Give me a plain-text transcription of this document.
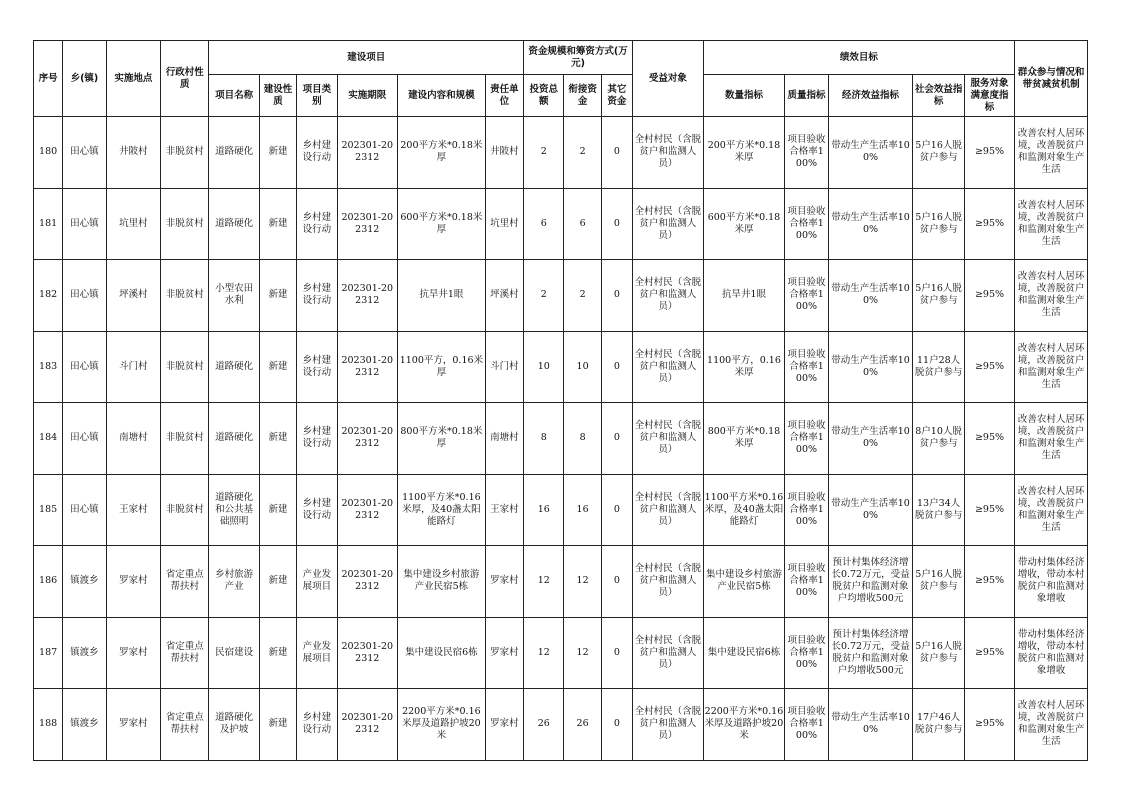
序号	乡(镇)	实施地点	行政村性质	建设项目						资金规模和筹资方式(万元)			受益对象	绩效目标					群众参与情况和带贫减贫机制
				项目名称	建设性质	项目类别	实施期限	建设内容和规模	责任单位	投资总额	衔接资金	其它资金		数量指标	质量指标	经济效益指标	社会效益指标	服务对象满意度指标	
180	田心镇	井陂村	非脱贫村	道路硬化	新建	乡村建设行动	202301-202312	200平方米*0.18米厚	井陂村	2	2	0	全村村民（含脱贫户和监测人员）	200平方米*0.18米厚	项目验收合格率100%	带动生产生活率100%	5户16人脱贫户参与	≥95%	改善农村人居环境，改善脱贫户和监测对象生产生活
181	田心镇	坑里村	非脱贫村	道路硬化	新建	乡村建设行动	202301-202312	600平方米*0.18米厚	坑里村	6	6	0	全村村民（含脱贫户和监测人员）	600平方米*0.18米厚	项目验收合格率100%	带动生产生活率100%	5户16人脱贫户参与	≥95%	改善农村人居环境，改善脱贫户和监测对象生产生活
182	田心镇	坪溪村	非脱贫村	小型农田水利	新建	乡村建设行动	202301-202312	抗旱井1眼	坪溪村	2	2	0	全村村民（含脱贫户和监测人员）	抗旱井1眼	项目验收合格率100%	带动生产生活率100%	5户16人脱贫户参与	≥95%	改善农村人居环境，改善脱贫户和监测对象生产生活
183	田心镇	斗门村	非脱贫村	道路硬化	新建	乡村建设行动	202301-202312	1100平方，0.16米厚	斗门村	10	10	0	全村村民（含脱贫户和监测人员）	1100平方，0.16米厚	项目验收合格率100%	带动生产生活率100%	11户28人脱贫户参与	≥95%	改善农村人居环境，改善脱贫户和监测对象生产生活
184	田心镇	南塘村	非脱贫村	道路硬化	新建	乡村建设行动	202301-202312	800平方米*0.18米厚	南塘村	8	8	0	全村村民（含脱贫户和监测人员）	800平方米*0.18米厚	项目验收合格率100%	带动生产生活率100%	8户10人脱贫户参与	≥95%	改善农村人居环境，改善脱贫户和监测对象生产生活
185	田心镇	王家村	非脱贫村	道路硬化和公共基础照明	新建	乡村建设行动	202301-202312	1100平方米*0.16米厚，及40盏太阳能路灯	王家村	16	16	0	全村村民（含脱贫户和监测人员）	1100平方米*0.16米厚，及40盏太阳能路灯	项目验收合格率100%	带动生产生活率100%	13户34人脱贫户参与	≥95%	改善农村人居环境，改善脱贫户和监测对象生产生活
186	镇渡乡	罗家村	省定重点帮扶村	乡村旅游产业	新建	产业发展项目	202301-202312	集中建设乡村旅游产业民宿5栋	罗家村	12	12	0	全村村民（含脱贫户和监测人员）	集中建设乡村旅游产业民宿5栋	项目验收合格率100%	预计村集体经济增长0.72万元，受益脱贫户和监测对象户均增收500元	5户16人脱贫户参与	≥95%	带动村集体经济增收，带动本村脱贫户和监测对象增收
187	镇渡乡	罗家村	省定重点帮扶村	民宿建设	新建	产业发展项目	202301-202312	集中建设民宿6栋	罗家村	12	12	0	全村村民（含脱贫户和监测人员）	集中建设民宿6栋	项目验收合格率100%	预计村集体经济增长0.72万元，受益脱贫户和监测对象户均增收500元	5户16人脱贫户参与	≥95%	带动村集体经济增收，带动本村脱贫户和监测对象增收
188	镇渡乡	罗家村	省定重点帮扶村	道路硬化及护坡	新建	乡村建设行动	202301-202312	2200平方米*0.16米厚及道路护坡20米	罗家村	26	26	0	全村村民（含脱贫户和监测人员）	2200平方米*0.16米厚及道路护坡20米	项目验收合格率100%	带动生产生活率100%	17户46人脱贫户参与	≥95%	改善农村人居环境，改善脱贫户和监测对象生产生活
